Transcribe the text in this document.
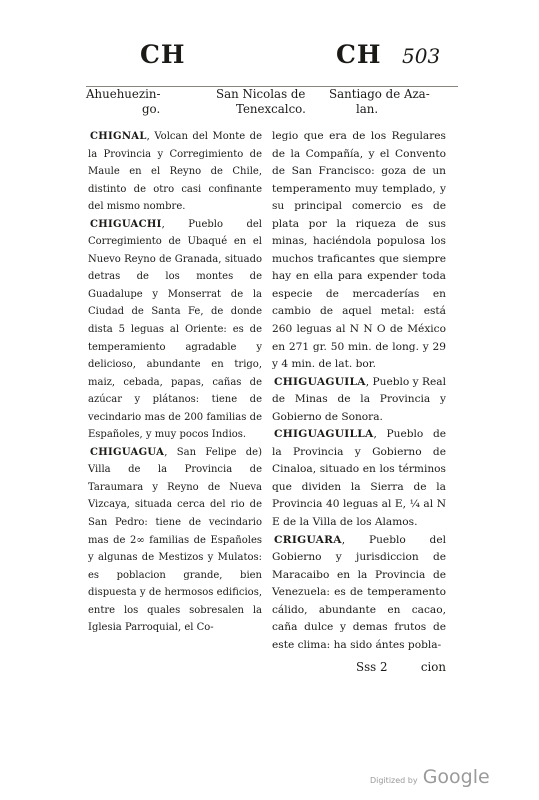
CH	CH 503
Ahuehuezin-	San Nicolas de Santiago de Aza-
go.	Tenexcalco.	lan.

CHIGNAL, Volcan del Monte de la Provincia y Corregimiento de Maule en el Reyno de Chile, distinto de otro casi confinante del mismo nombre.

CHIGUACHI, Pueblo del Corregimiento de Ubaqué en el Nuevo Reyno de Granada, situado detras de los montes de Guadalupe y Monserrat de la Ciudad de Santa Fe, de donde dista 5 leguas al Oriente: es de temperamiento agradable y delicioso, abundante en trigo, maiz, cebada, papas, cañas de azúcar y plátanos: tiene de vecindario mas de 200 familias de Españoles, y muy pocos Indios.

CHIGUAGUA, San Felipe de) Villa de la Provincia de Taraumara y Reyno de Nueva Vizcaya, situada cerca del rio de San Pedro: tiene de vecindario mas de 2∞ familias de Españoles y algunas de Mestizos y Mulatos: es poblacion grande, bien dispuesta y de hermosos edificios, entre los quales sobresalen la Iglesia Parroquial, el Co-

legio que era de los Regulares de la Compañía, y el Convento de San Francisco: goza de un temperamento muy templado, y su principal comercio es de plata por la riqueza de sus minas, haciéndola populosa los muchos traficantes que siempre hay en ella para expender toda especie de mercaderías en cambio de aquel metal: está 260 leguas al N N O de México en 271 gr. 50 min. de long. y 29 y 4 min. de lat. bor.

CHIGUAGUILA, Pueblo y Real de Minas de la Provincia y Gobierno de Sonora.

CHIGUAGUILLA, Pueblo de la Provincia y Gobierno de Cinaloa, situado en los términos que dividen la Sierra de la Provincia 40 leguas al E, ¼ al N E de la Villa de los Alamos.

CRIGUARA, Pueblo del Gobierno y jurisdiccion de Maracaibo en la Provincia de Venezuela: es de temperamento cálido, abundante en cacao, caña dulce y demas frutos de este clima: ha sido ántes pobla-

Sss 2	cion
Digitized by Google
